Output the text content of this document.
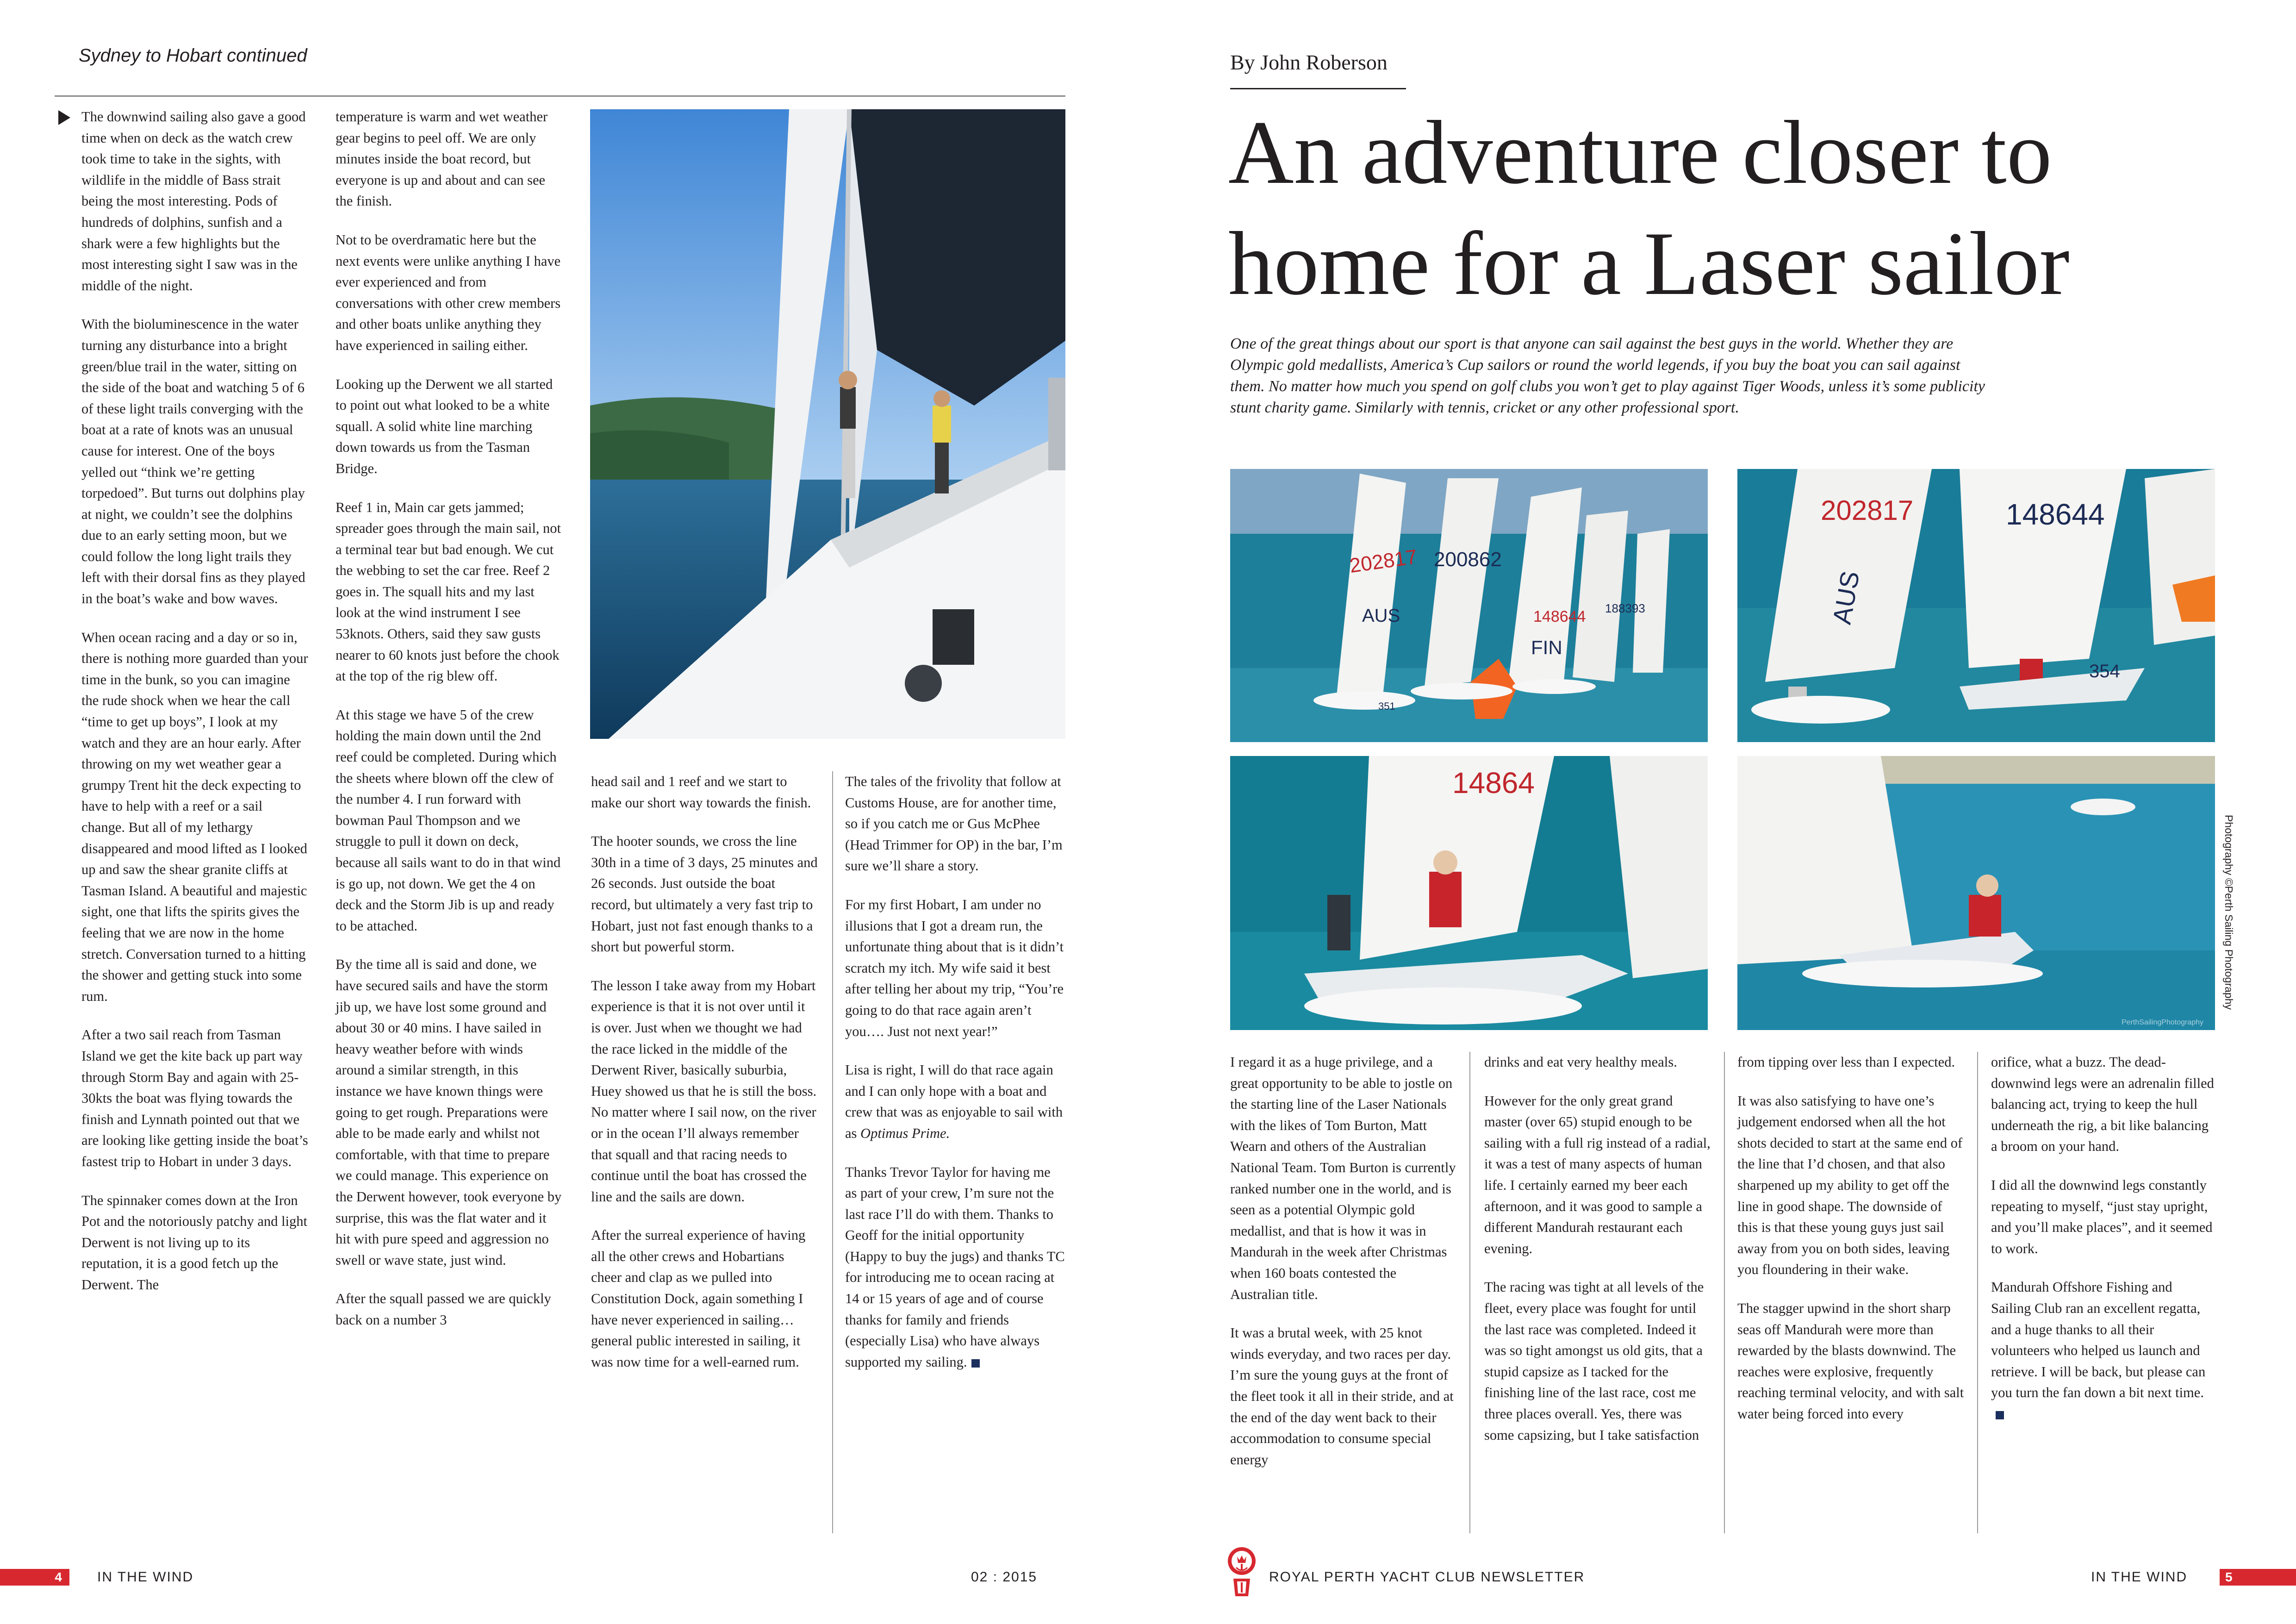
Sydney to Hobart continued

The downwind sailing also gave a good time when on deck as the watch crew took time to take in the sights, with wildlife in the middle of Bass strait being the most interesting. Pods of hundreds of dolphins, sunfish and a shark were a few highlights but the most interesting sight I saw was in the middle of the night.

With the bioluminescence in the water turning any disturbance into a bright green/blue trail in the water, sitting on the side of the boat and watching 5 of 6 of these light trails converging with the boat at a rate of knots was an unusual cause for interest. One of the boys yelled out “think we’re getting torpedoed”. But turns out dolphins play at night, we couldn’t see the dolphins due to an early setting moon, but we could follow the long light trails they left with their dorsal fins as they played in the boat’s wake and bow waves.

When ocean racing and a day or so in, there is nothing more guarded than your time in the bunk, so you can imagine the rude shock when we hear the call “time to get up boys”, I look at my watch and they are an hour early. After throwing on my wet weather gear a grumpy Trent hit the deck expecting to have to help with a reef or a sail change. But all of my lethargy disappeared and mood lifted as I looked up and saw the shear granite cliffs at Tasman Island. A beautiful and majestic sight, one that lifts the spirits gives the feeling that we are now in the home stretch. Conversation turned to a hitting the shower and getting stuck into some rum.

After a two sail reach from Tasman Island we get the kite back up part way through Storm Bay and again with 25-30kts the boat was flying towards the finish and Lynnath pointed out that we are looking like getting inside the boat’s fastest trip to Hobart in under 3 days.

The spinnaker comes down at the Iron Pot and the notoriously patchy and light Derwent is not living up to its reputation, it is a good fetch up the Derwent. The

temperature is warm and wet weather gear begins to peel off. We are only minutes inside the boat record, but everyone is up and about and can see the finish.

Not to be overdramatic here but the next events were unlike anything I have ever experienced and from conversations with other crew members and other boats unlike anything they have experienced in sailing either.

Looking up the Derwent we all started to point out what looked to be a white squall. A solid white line marching down towards us from the Tasman Bridge.

Reef 1 in, Main car gets jammed; spreader goes through the main sail, not a terminal tear but bad enough. We cut the webbing to set the car free. Reef 2 goes in. The squall hits and my last look at the wind instrument I see 53knots. Others, said they saw gusts nearer to 60 knots just before the chook at the top of the rig blew off.

At this stage we have 5 of the crew holding the main down until the 2nd reef could be completed. During which the sheets where blown off the clew of the number 4. I run forward with bowman Paul Thompson and we struggle to pull it down on deck, because all sails want to do in that wind is go up, not down. We get the 4 on deck and the Storm Jib is up and ready to be attached.

By the time all is said and done, we have secured sails and have the storm jib up, we have lost some ground and about 30 or 40 mins. I have sailed in heavy weather before with winds around a similar strength, in this instance we have known things were going to get rough. Preparations were able to be made early and whilst not comfortable, with that time to prepare we could manage. This experience on the Derwent however, took everyone by surprise, this was the flat water and it hit with pure speed and aggression no swell or wave state, just wind.

After the squall passed we are quickly back on a number 3

head sail and 1 reef and we start to make our short way towards the finish.

The hooter sounds, we cross the line 30th in a time of 3 days, 25 minutes and 26 seconds. Just outside the boat record, but ultimately a very fast trip to Hobart, just not fast enough thanks to a short but powerful storm.

The lesson I take away from my Hobart experience is that it is not over until it is over. Just when we thought we had the race licked in the middle of the Derwent River, basically suburbia, Huey showed us that he is still the boss. No matter where I sail now, on the river or in the ocean I’ll always remember that squall and that racing needs to continue until the boat has crossed the line and the sails are down.

After the surreal experience of having all the other crews and Hobartians cheer and clap as we pulled into Constitution Dock, again something I have never experienced in sailing… general public interested in sailing, it was now time for a well-earned rum.

The tales of the frivolity that follow at Customs House, are for another time, so if you catch me or Gus McPhee (Head Trimmer for OP) in the bar, I’m sure we’ll share a story.

For my first Hobart, I am under no illusions that I got a dream run, the unfortunate thing about that is it didn’t scratch my itch. My wife said it best after telling her about my trip, “You’re going to do that race again aren’t you…. Just not next year!”

Lisa is right, I will do that race again and I can only hope with a boat and crew that was as enjoyable to sail with as Optimus Prime.

Thanks Trevor Taylor for having me as part of your crew, I’m sure not the last race I’ll do with them. Thanks to Geoff for the initial opportunity (Happy to buy the jugs) and thanks TC for introducing me to ocean racing at 14 or 15 years of age and of course thanks for family and friends (especially Lisa) who have always supported my sailing.

4	IN THE WIND	02 : 2015
By John Roberson
An adventure closer to
home for a Laser sailor
One of the great things about our sport is that anyone can sail against the best guys in the world. Whether they are Olympic gold medallists, America’s Cup sailors or round the world legends, if you buy the boat you can sail against them. No matter how much you spend on golf clubs you won’t get to play against Tiger Woods, unless it’s some publicity stunt charity game. Similarly with tennis, cricket or any other professional sport.
202817
AUS
200862
FIN
148644 188393
351
202817
AUS
148644
354
14864
PerthSailingPhotography
Photography ©Perth Sailing Photography

I regard it as a huge privilege, and a great opportunity to be able to jostle on the starting line of the Laser Nationals with the likes of Tom Burton, Matt Wearn and others of the Australian National Team. Tom Burton is currently ranked number one in the world, and is seen as a potential Olympic gold medallist, and that is how it was in Mandurah in the week after Christmas when 160 boats contested the Australian title.

It was a brutal week, with 25 knot winds everyday, and two races per day. I’m sure the young guys at the front of the fleet took it all in their stride, and at the end of the day went back to their accommodation to consume special energy

drinks and eat very healthy meals.

However for the only great grand master (over 65) stupid enough to be sailing with a full rig instead of a radial, it was a test of many aspects of human life. I certainly earned my beer each afternoon, and it was good to sample a different Mandurah restaurant each evening.

The racing was tight at all levels of the fleet, every place was fought for until the last race was completed. Indeed it was so tight amongst us old gits, that a stupid capsize as I tacked for the finishing line of the last race, cost me three places overall. Yes, there was some capsizing, but I take satisfaction

from tipping over less than I expected.

It was also satisfying to have one’s judgement endorsed when all the hot shots decided to start at the same end of the line that I’d chosen, and that also sharpened up my ability to get off the line in good shape. The downside of this is that these young guys just sail away from you on both sides, leaving you floundering in their wake.

The stagger upwind in the short sharp seas off Mandurah were more than rewarded by the blasts downwind. The reaches were explosive, frequently reaching terminal velocity, and with salt water being forced into every

orifice, what a buzz. The dead-downwind legs were an adrenalin filled balancing act, trying to keep the hull underneath the rig, a bit like balancing a broom on your hand.

I did all the downwind legs constantly repeating to myself, “just stay upright, and you’ll make places”, and it seemed to work.

Mandurah Offshore Fishing and Sailing Club ran an excellent regatta, and a huge thanks to all their volunteers who helped us launch and retrieve. I will be back, but please can you turn the fan down a bit next time.

ROYAL PERTH YACHT CLUB NEWSLETTER	IN THE WIND	5
